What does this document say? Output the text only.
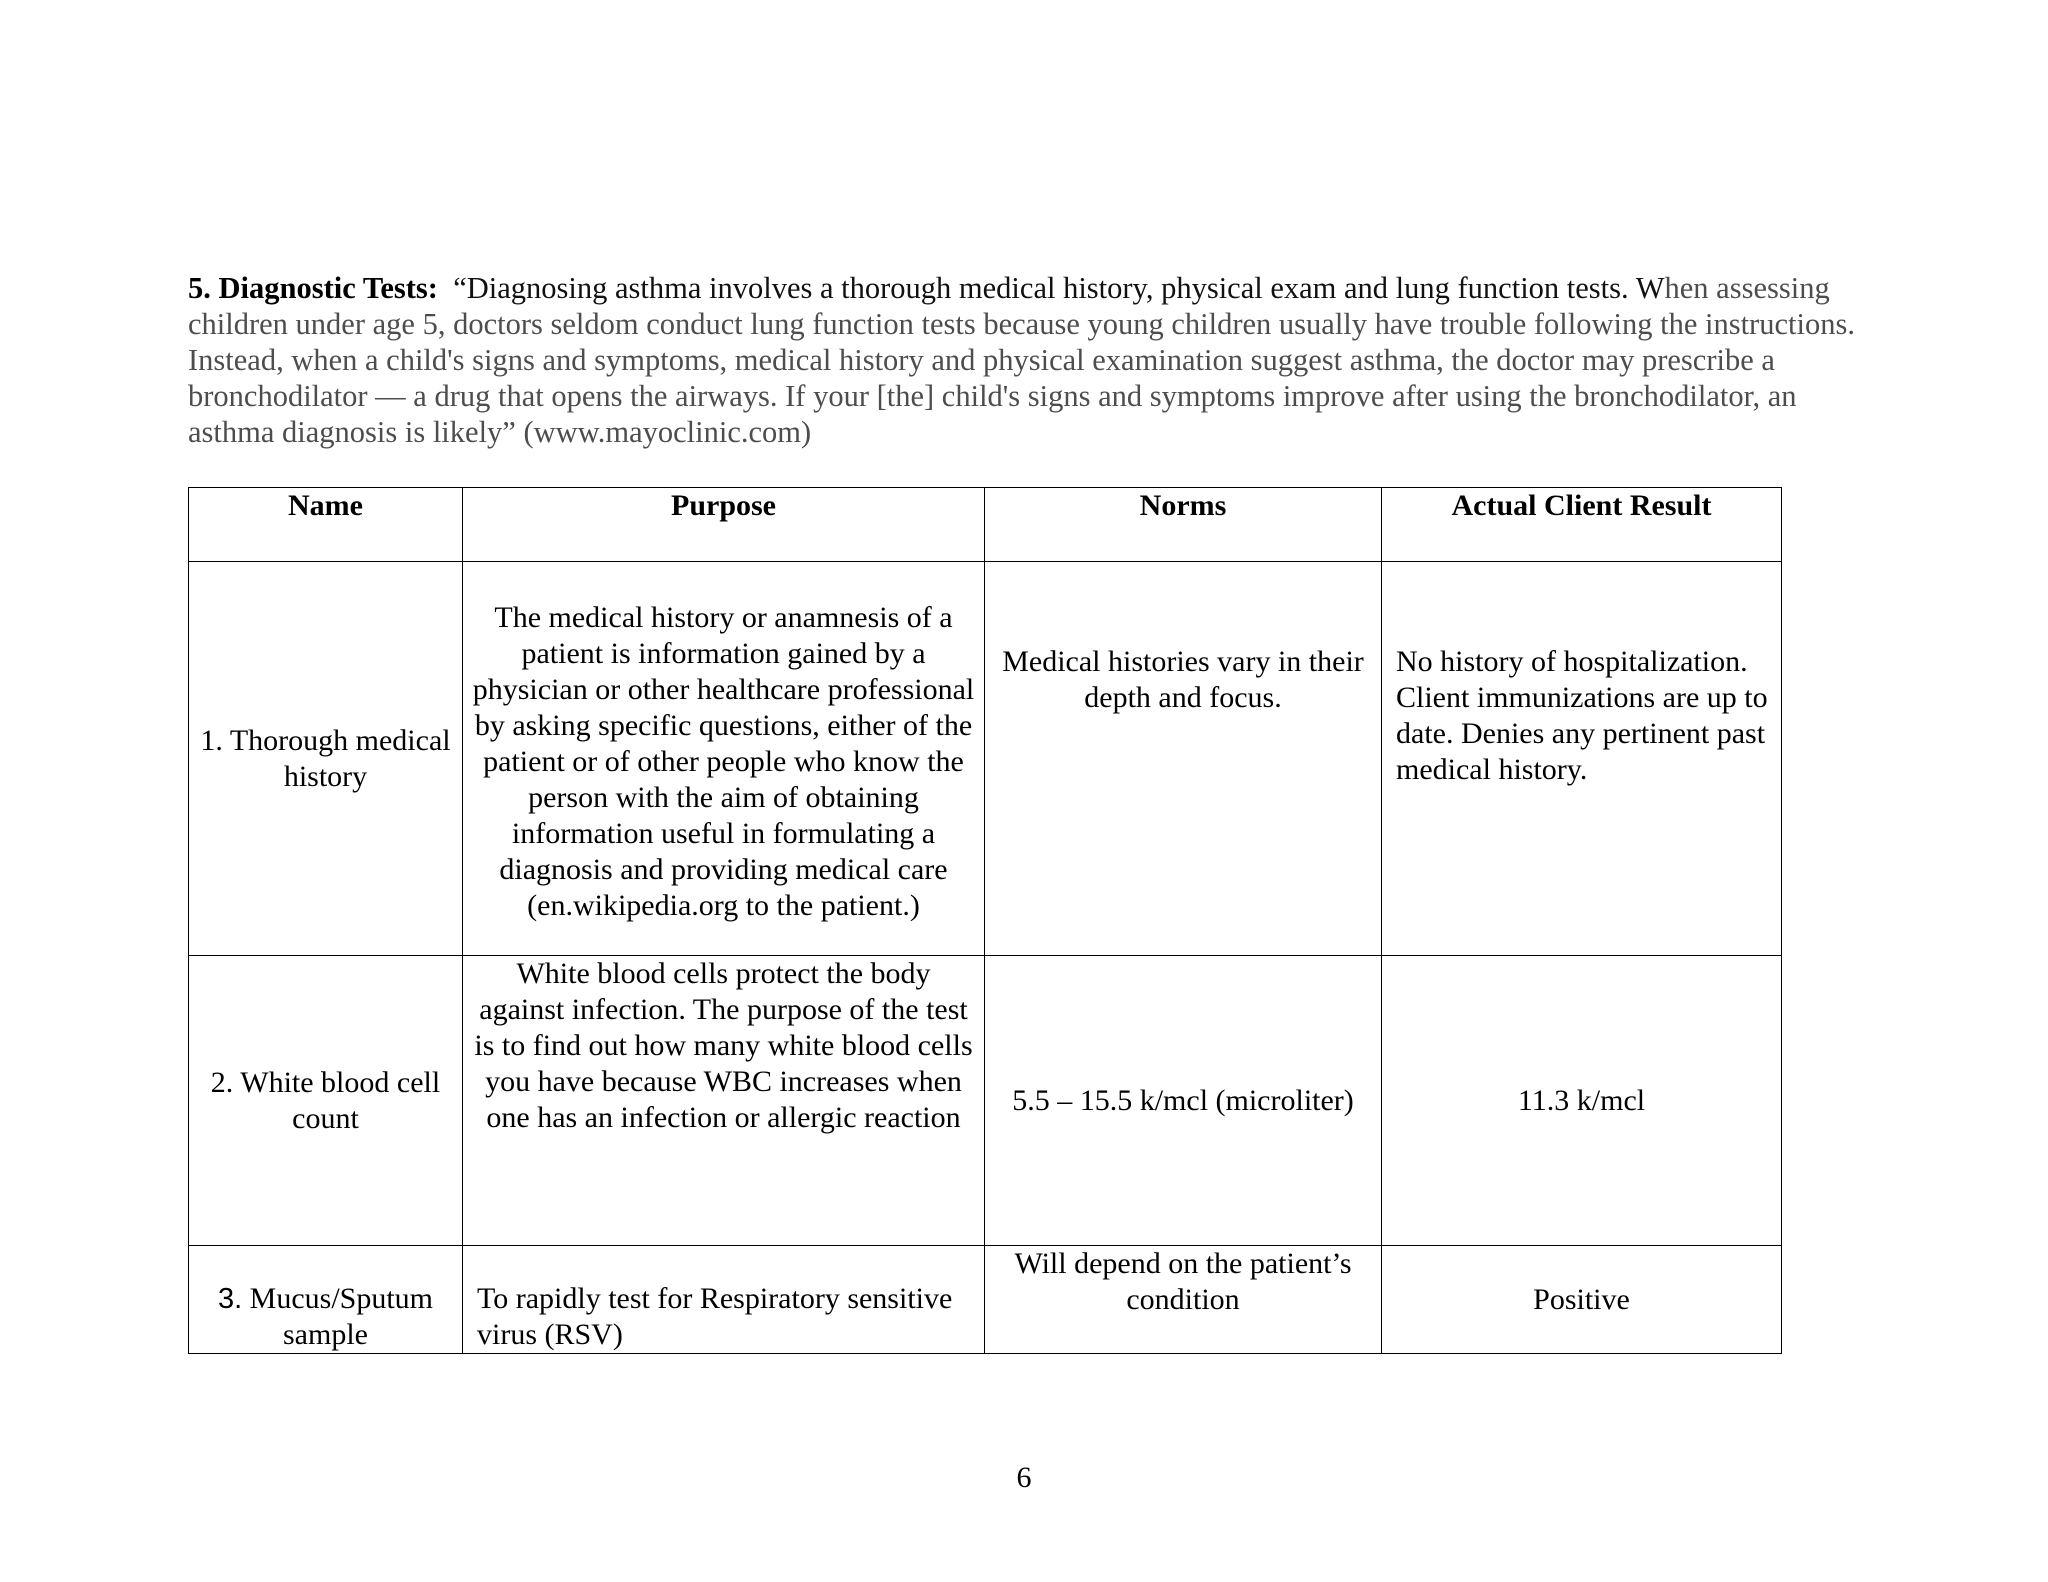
5. Diagnostic Tests: “Diagnosing asthma involves a thorough medical history, physical exam and lung function tests. When assessing children under age 5, doctors seldom conduct lung function tests because young children usually have trouble following the instructions. Instead, when a child's signs and symptoms, medical history and physical examination suggest asthma, the doctor may prescribe a bronchodilator — a drug that opens the airways. If your [the] child's signs and symptoms improve after using the bronchodilator, an asthma diagnosis is likely” (www.mayoclinic.com)
Name	Purpose	Norms	Actual Client Result
1. Thorough medical history	The medical history or anamnesis of a patient is information gained by a physician or other healthcare professional by asking specific questions, either of the patient or of other people who know the person with the aim of obtaining information useful in formulating a diagnosis and providing medical care (en.wikipedia.org to the patient.)	Medical histories vary in their depth and focus.	No history of hospitalization. Client immunizations are up to date. Denies any pertinent past medical history.
2. White blood cell count	White blood cells protect the body against infection. The purpose of the test is to find out how many white blood cells you have because WBC increases when one has an infection or allergic reaction	5.5 – 15.5 k/mcl (microliter)	11.3 k/mcl
3. Mucus/Sputum sample	To rapidly test for Respiratory sensitive virus (RSV)	Will depend on the patient’s condition	Positive
6
